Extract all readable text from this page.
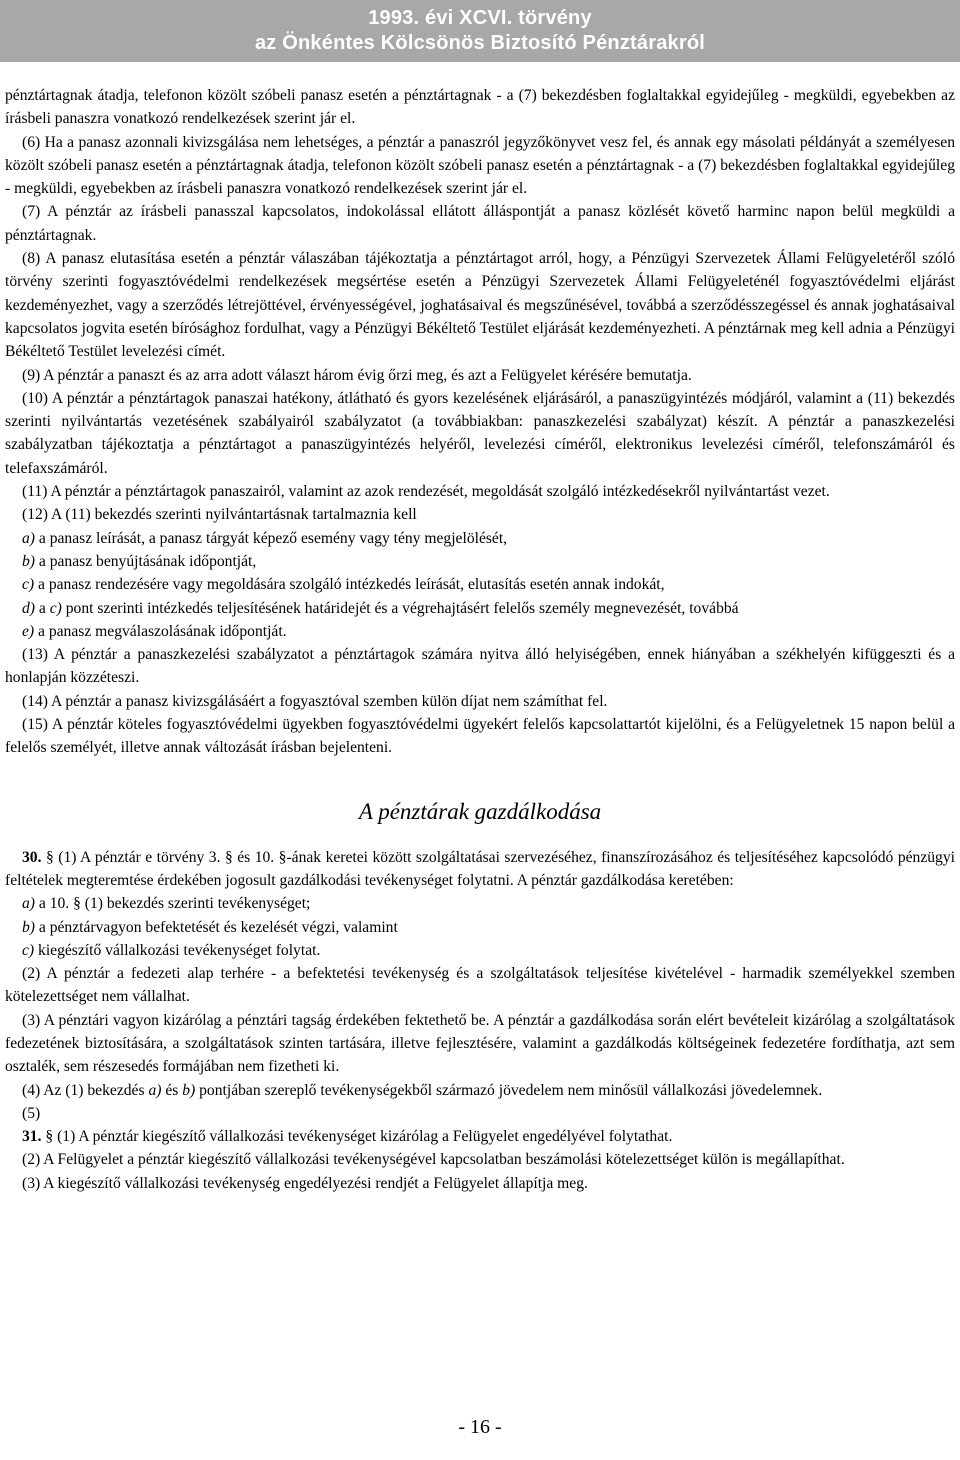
1993. évi XCVI. törvény
az Önkéntes Kölcsönös Biztosító Pénztárakról

pénztártagnak átadja, telefonon közölt szóbeli panasz esetén a pénztártagnak - a (7) bekezdésben foglaltakkal egyidejűleg - megküldi, egyebekben az írásbeli panaszra vonatkozó rendelkezések szerint jár el.

(6) Ha a panasz azonnali kivizsgálása nem lehetséges, a pénztár a panaszról jegyzőkönyvet vesz fel, és annak egy másolati példányát a személyesen közölt szóbeli panasz esetén a pénztártagnak átadja, telefonon közölt szóbeli panasz esetén a pénztártagnak - a (7) bekezdésben foglaltakkal egyidejűleg - megküldi, egyebekben az írásbeli panaszra vonatkozó rendelkezések szerint jár el.

(7) A pénztár az írásbeli panasszal kapcsolatos, indokolással ellátott álláspontját a panasz közlését követő harminc napon belül megküldi a pénztártagnak.

(8) A panasz elutasítása esetén a pénztár válaszában tájékoztatja a pénztártagot arról, hogy, a Pénzügyi Szervezetek Állami Felügyeletéről szóló törvény szerinti fogyasztóvédelmi rendelkezések megsértése esetén a Pénzügyi Szervezetek Állami Felügyeleténél fogyasztóvédelmi eljárást kezdeményezhet, vagy a szerződés létrejöttével, érvényességével, joghatásaival és megszűnésével, továbbá a szerződésszegéssel és annak joghatásaival kapcsolatos jogvita esetén bírósághoz fordulhat, vagy a Pénzügyi Békéltető Testület eljárását kezdeményezheti. A pénztárnak meg kell adnia a Pénzügyi Békéltető Testület levelezési címét.

(9) A pénztár a panaszt és az arra adott választ három évig őrzi meg, és azt a Felügyelet kérésére bemutatja.

(10) A pénztár a pénztártagok panaszai hatékony, átlátható és gyors kezelésének eljárásáról, a panaszügyintézés módjáról, valamint a (11) bekezdés szerinti nyilvántartás vezetésének szabályairól szabályzatot (a továbbiakban: panaszkezelési szabályzat) készít. A pénztár a panaszkezelési szabályzatban tájékoztatja a pénztártagot a panaszügyintézés helyéről, levelezési címéről, elektronikus levelezési címéről, telefonszámáról és telefaxszámáról.

(11) A pénztár a pénztártagok panaszairól, valamint az azok rendezését, megoldását szolgáló intézkedésekről nyilvántartást vezet.

(12) A (11) bekezdés szerinti nyilvántartásnak tartalmaznia kell

a) a panasz leírását, a panasz tárgyát képező esemény vagy tény megjelölését,

b) a panasz benyújtásának időpontját,

c) a panasz rendezésére vagy megoldására szolgáló intézkedés leírását, elutasítás esetén annak indokát,

d) a c) pont szerinti intézkedés teljesítésének határidejét és a végrehajtásért felelős személy megnevezését, továbbá

e) a panasz megválaszolásának időpontját.

(13) A pénztár a panaszkezelési szabályzatot a pénztártagok számára nyitva álló helyiségében, ennek hiányában a székhelyén kifüggeszti és a honlapján közzéteszi.

(14) A pénztár a panasz kivizsgálásáért a fogyasztóval szemben külön díjat nem számíthat fel.

(15) A pénztár köteles fogyasztóvédelmi ügyekben fogyasztóvédelmi ügyekért felelős kapcsolattartót kijelölni, és a Felügyeletnek 15 napon belül a felelős személyét, illetve annak változását írásban bejelenteni.

A pénztárak gazdálkodása

30. § (1) A pénztár e törvény 3. § és 10. §-ának keretei között szolgáltatásai szervezéséhez, finanszírozásához és teljesítéséhez kapcsolódó pénzügyi feltételek megteremtése érdekében jogosult gazdálkodási tevékenységet folytatni. A pénztár gazdálkodása keretében:

a) a 10. § (1) bekezdés szerinti tevékenységet;

b) a pénztárvagyon befektetését és kezelését végzi, valamint

c) kiegészítő vállalkozási tevékenységet folytat.

(2) A pénztár a fedezeti alap terhére - a befektetési tevékenység és a szolgáltatások teljesítése kivételével - harmadik személyekkel szemben kötelezettséget nem vállalhat.

(3) A pénztári vagyon kizárólag a pénztári tagság érdekében fektethető be. A pénztár a gazdálkodása során elért bevételeit kizárólag a szolgáltatások fedezetének biztosítására, a szolgáltatások szinten tartására, illetve fejlesztésére, valamint a gazdálkodás költségeinek fedezetére fordíthatja, azt sem osztalék, sem részesedés formájában nem fizetheti ki.

(4) Az (1) bekezdés a) és b) pontjában szereplő tevékenységekből származó jövedelem nem minősül vállalkozási jövedelemnek.

(5)

31. § (1) A pénztár kiegészítő vállalkozási tevékenységet kizárólag a Felügyelet engedélyével folytathat.

(2) A Felügyelet a pénztár kiegészítő vállalkozási tevékenységével kapcsolatban beszámolási kötelezettséget külön is megállapíthat.

(3) A kiegészítő vállalkozási tevékenység engedélyezési rendjét a Felügyelet állapítja meg.

- 16 -
